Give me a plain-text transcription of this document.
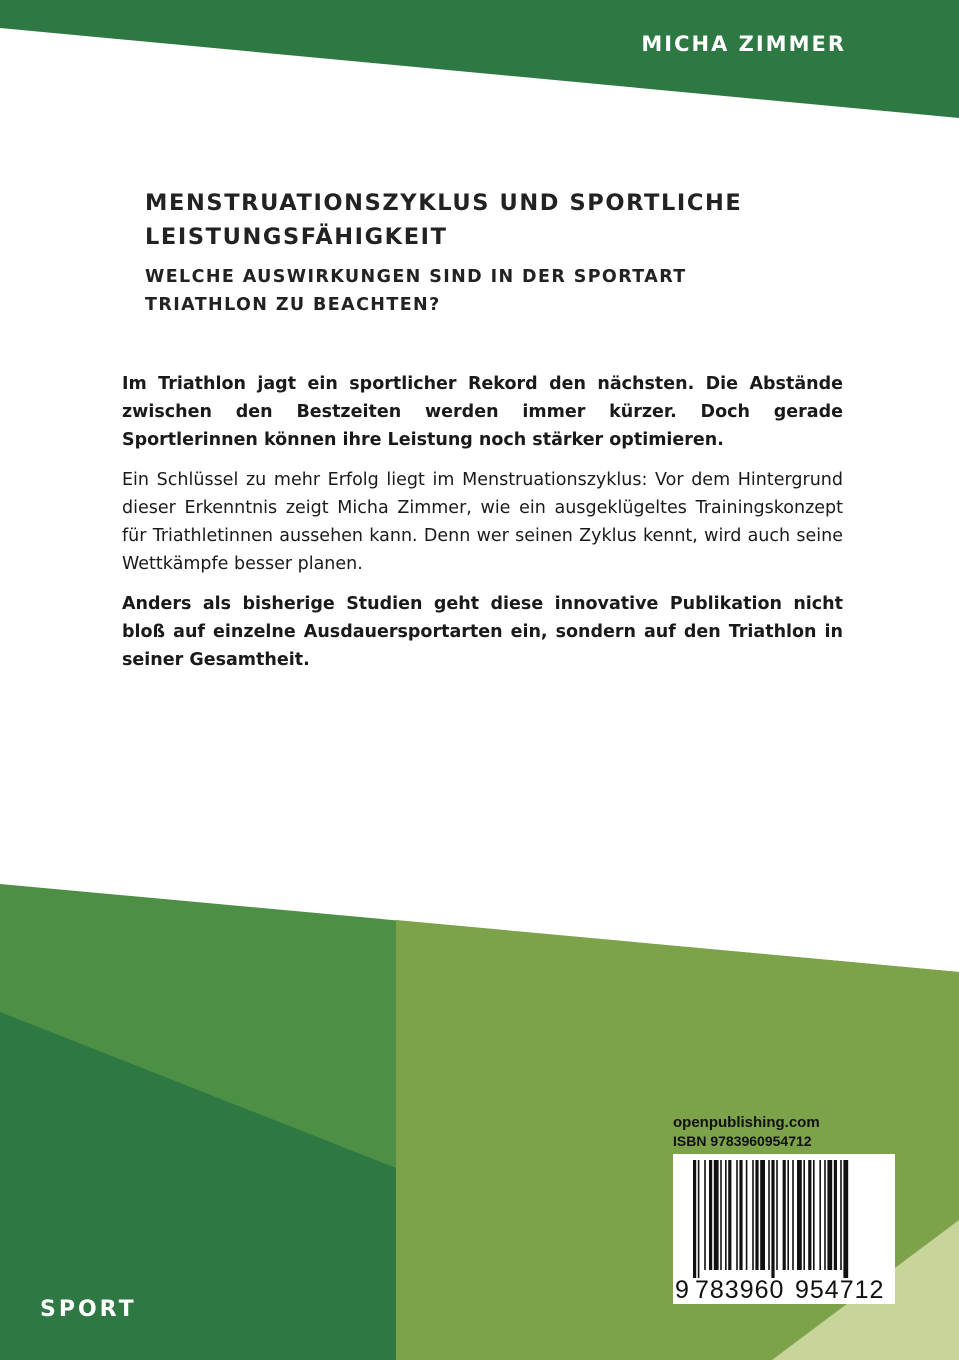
MICHA ZIMMER
MENSTRUATIONSZYKLUS UND SPORTLICHE LEISTUNGSFÄHIGKEIT
WELCHE AUSWIRKUNGEN SIND IN DER SPORTART TRIATHLON ZU BEACHTEN?

Im Triathlon jagt ein sportlicher Rekord den nächsten. Die Abstände zwischen den Bestzeiten werden immer kürzer. Doch gerade Sportlerinnen können ihre Leistung noch stärker optimieren.

Ein Schlüssel zu mehr Erfolg liegt im Menstruationszyklus: Vor dem Hintergrund dieser Erkenntnis zeigt Micha Zimmer, wie ein ausgeklügeltes Trainingskonzept für Triathletinnen aussehen kann. Denn wer seinen Zyklus kennt, wird auch seine Wettkämpfe besser planen.

Anders als bisherige Studien geht diese innovative Publikation nicht bloß auf einzelne Ausdauersportarten ein, sondern auf den Triathlon in seiner Gesamtheit.

SPORT
openpublishing.com
ISBN 9783960954712
9 783960 954712
